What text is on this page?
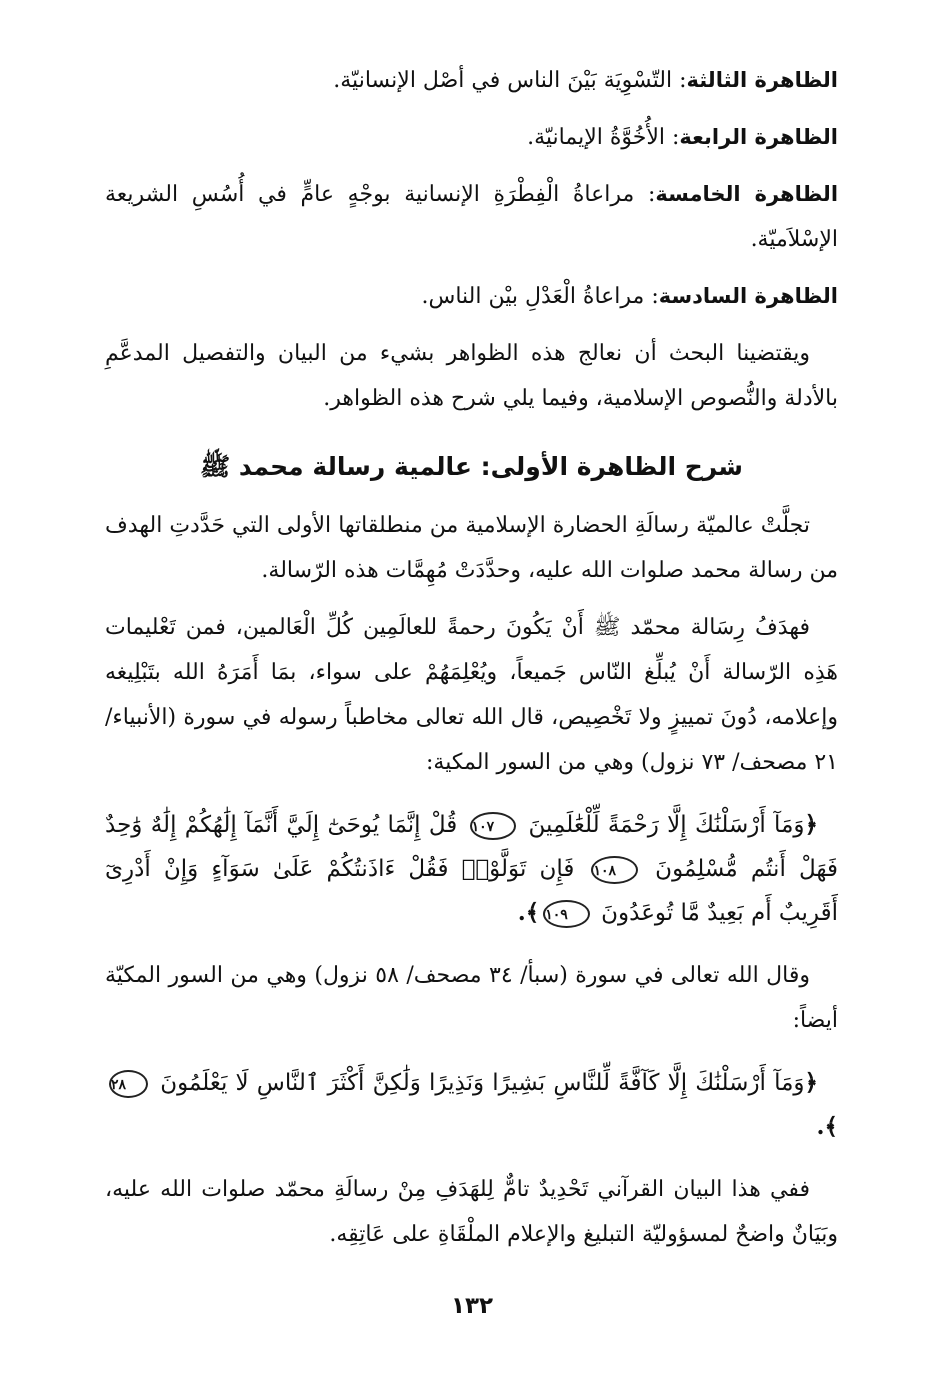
الظاهرة الثالثة: التّسْوِيَة بَيْنَ الناس في أصْل الإنسانيّة.

الظاهرة الرابعة: الأُخُوَّةُ الإيمانيّة.

الظاهرة الخامسة: مراعاةُ الْفِطْرَةِ الإنسانية بوجْهٍ عامٍّ في أُسُسِ الشريعة الإسْلاَميّة.

الظاهرة السادسة: مراعاةُ الْعَدْلِ بيْن الناس.

ويقتضينا البحث أن نعالج هذه الظواهر بشيء من البيان والتفصيل المدعَّمِ بالأدلة والنُّصوص الإسلامية، وفيما يلي شرح هذه الظواهر.

شرح الظاهرة الأولى: عالمية رسالة محمد ﷺ

تجلَّتْ عالميّة رسالَةِ الحضارة الإسلامية من منطلقاتها الأولى التي حَدَّدتِ الهدف من رسالة محمد صلوات الله عليه، وحدَّدَتْ مُهِمَّات هذه الرّسالة.

فهدَفُ رِسَالة محمّد ﷺ أَنْ يَكُونَ رحمةً للعالَمِين كُلِّ الْعَالمين، فمن تَعْليمات هَذِه الرّسالة أَنْ يُبلِّغ النّاس جَميعاً، ويُعْلِمَهُمْ على سواء، بمَا أَمَرَهُ الله بتَبْلِيغه وإعلامه، دُونَ تمييزٍ ولا تَخْصِيص، قال الله تعالى مخاطباً رسوله في سورة (الأنبياء/ ٢١ مصحف/ ٧٣ نزول) وهي من السور المكية:

﴿وَمَآ أَرْسَلْنَٰكَ إِلَّا رَحْمَةً لِّلْعَٰلَمِينَ ١٠٧ قُلْ إِنَّمَا يُوحَىٰٓ إِلَيَّ أَنَّمَآ إِلَٰهُكُمْ إِلَٰهٌ وَٰحِدٌ فَهَلْ أَنتُم مُّسْلِمُونَ ١٠٨ فَإِن تَوَلَّوْا۟ فَقُلْ ءَاذَنتُكُمْ عَلَىٰ سَوَآءٍ وَإِنْ أَدْرِىٓ أَقَرِيبٌ أَم بَعِيدٌ مَّا تُوعَدُونَ ١٠٩﴾.

وقال الله تعالى في سورة (سبأ/ ٣٤ مصحف/ ٥٨ نزول) وهي من السور المكيّة أيضاً:

﴿وَمَآ أَرْسَلْنَٰكَ إِلَّا كَآفَّةً لِّلنَّاسِ بَشِيرًا وَنَذِيرًا وَلَٰكِنَّ أَكْثَرَ ٱلنَّاسِ لَا يَعْلَمُونَ ٢٨﴾.

ففي هذا البيان القرآني تَحْدِيدٌ تامٌّ لِلهَدَفِ مِنْ رسالَةِ محمّد صلوات الله عليه، وبَيَانٌ واضحٌ لمسؤوليّة التبليغ والإعلام الملْقَاةِ على عَاتِقِه.

١٣٢
